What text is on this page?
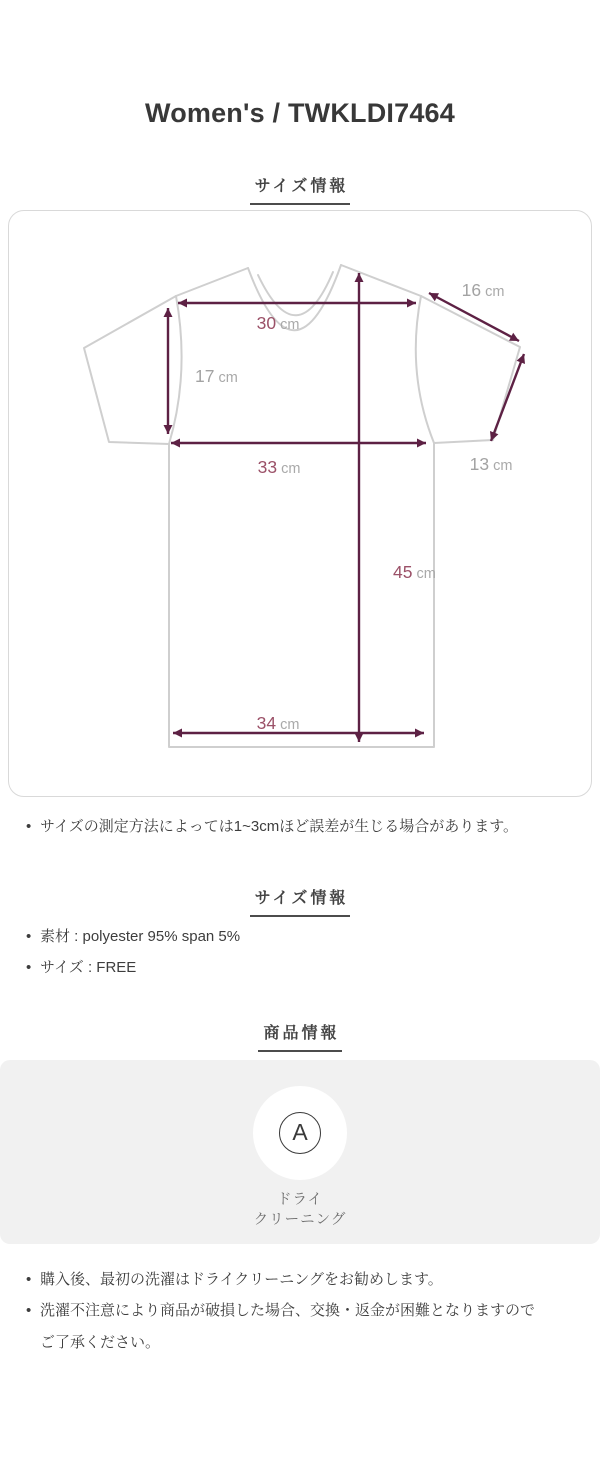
Women's / TWKLDI7464
サイズ情報
30 cm
17 cm
16 cm
33 cm	13 cm
45 cm
34 cm
• サイズの測定方法によっては1~3cmほど誤差が生じる場合があります。
サイズ情報
• 素材 : polyester 95% span 5%
• サイズ : FREE
商品情報
A
ドライ
クリーニング
• 購入後、最初の洗濯はドライクリーニングをお勧めします。
• 洗濯不注意により商品が破損した場合、交換・返金が困難となりますのでご了承ください。
